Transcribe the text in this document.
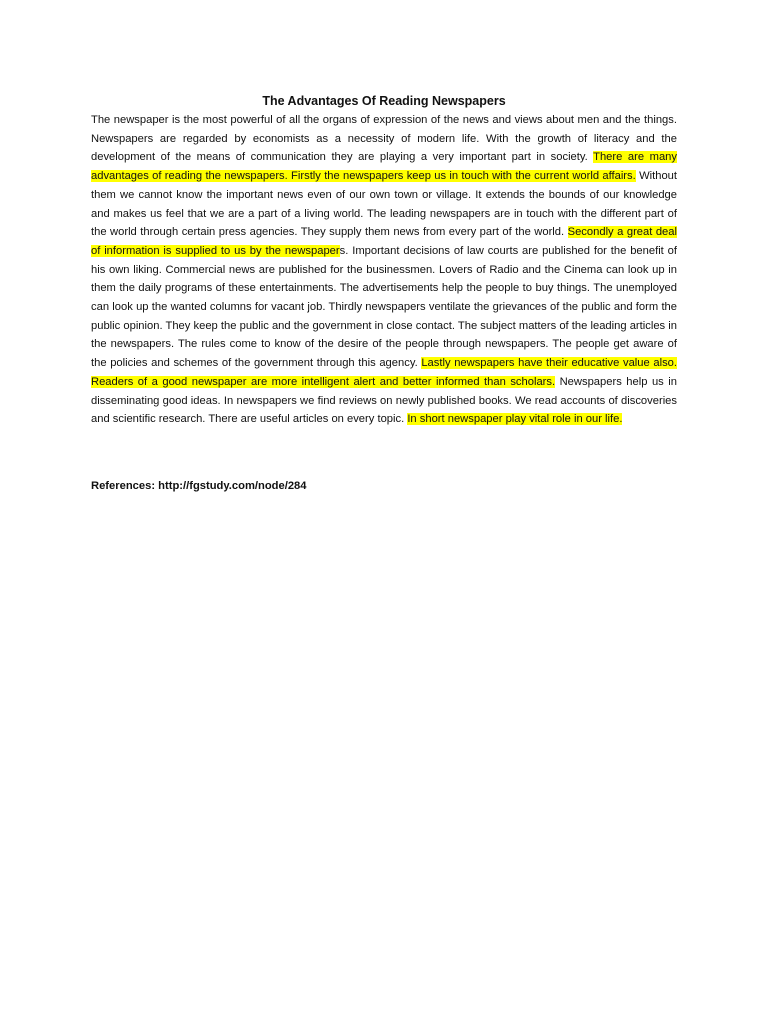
The Advantages Of Reading Newspapers

The newspaper is the most powerful of all the organs of expression of the news and views about men and the things. Newspapers are regarded by economists as a necessity of modern life. With the growth of literacy and the development of the means of communication they are playing a very important part in society. There are many advantages of reading the newspapers. Firstly the newspapers keep us in touch with the current world affairs. Without them we cannot know the important news even of our own town or village. It extends the bounds of our knowledge and makes us feel that we are a part of a living world. The leading newspapers are in touch with the different part of the world through certain press agencies. They supply them news from every part of the world. Secondly a great deal of information is supplied to us by the newspapers. Important decisions of law courts are published for the benefit of his own liking. Commercial news are published for the businessmen. Lovers of Radio and the Cinema can look up in them the daily programs of these entertainments. The advertisements help the people to buy things. The unemployed can look up the wanted columns for vacant job. Thirdly newspapers ventilate the grievances of the public and form the public opinion. They keep the public and the government in close contact. The subject matters of the leading articles in the newspapers. The rules come to know of the desire of the people through newspapers. The people get aware of the policies and schemes of the government through this agency. Lastly newspapers have their educative value also. Readers of a good newspaper are more intelligent alert and better informed than scholars. Newspapers help us in disseminating good ideas. In newspapers we find reviews on newly published books. We read accounts of discoveries and scientific research. There are useful articles on every topic. In short newspaper play vital role in our life.

References: http://fgstudy.com/node/284
